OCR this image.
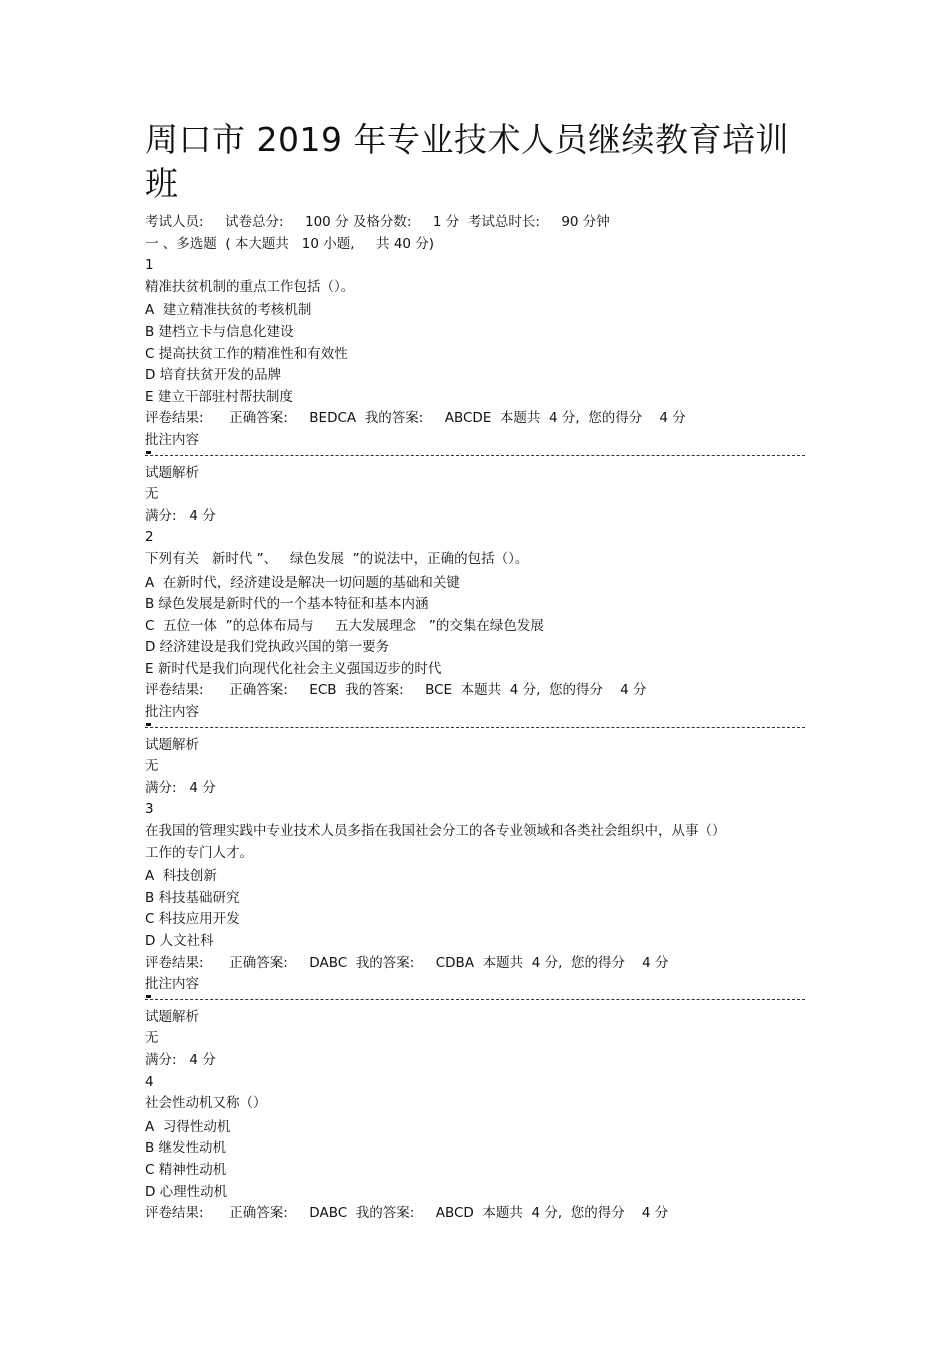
周口市 2019 年专业技术人员继续教育培训
班
考试人员:     试卷总分:     100 分 及格分数:     1 分  考试总时长:     90 分钟
一 、多选题  ( 本大题共   10 小题,     共 40 分)
1
精准扶贫机制的重点工作包括（）。
A  建立精准扶贫的考核机制
B 建档立卡与信息化建设
C 提高扶贫工作的精准性和有效性
D 培育扶贫开发的品牌
E 建立干部驻村帮扶制度
评卷结果:      正确答案:     BEDCA  我的答案:     ABCDE  本题共  4 分,  您的得分    4 分
批注内容
试题解析
无
满分:   4 分
2
下列有关   新时代 ”、   绿色发展  ”的说法中，正确的包括（）。
A  在新时代，经济建设是解决一切问题的基础和关键
B 绿色发展是新时代的一个基本特征和基本内涵
C  五位一体  ”的总体布局与     五大发展理念   ”的交集在绿色发展
D 经济建设是我们党执政兴国的第一要务
E 新时代是我们向现代化社会主义强国迈步的时代
评卷结果:      正确答案:     ECB  我的答案:     BCE  本题共  4 分,  您的得分    4 分
批注内容
试题解析
无
满分:   4 分
3
在我国的管理实践中专业技术人员多指在我国社会分工的各专业领域和各类社会组织中，从事（）工作的专门人才。
A  科技创新
B 科技基础研究
C 科技应用开发
D 人文社科
评卷结果:      正确答案:     DABC  我的答案:     CDBA  本题共  4 分,  您的得分    4 分
批注内容
试题解析
无
满分:   4 分
4
社会性动机又称（）
A  习得性动机
B 继发性动机
C 精神性动机
D 心理性动机
评卷结果:      正确答案:     DABC  我的答案:     ABCD  本题共  4 分,  您的得分    4 分
